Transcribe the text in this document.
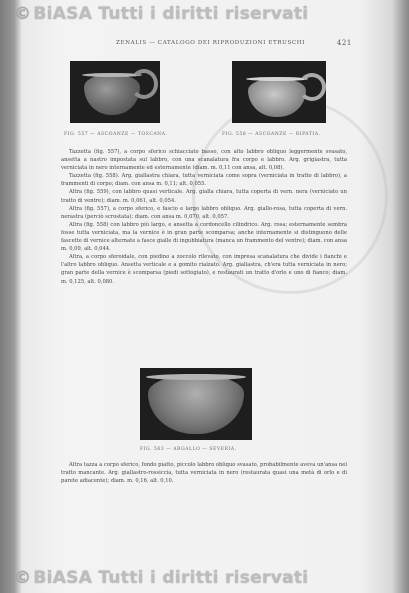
© BiASA Tutti i diritti riservati
ZENALIS — CATALOGO DEI RIPRODUZIONI ETRUSCHI	421
FIG. 557 — ASCOANZE — TOSCANA.	FIG. 558 — ASCOANZE — RIPATIA.

Tazzetta (fig. 557), a corpo sferico schiacciato basso, con alto labbro obliquo leggermente svasato, ansetta a nastro impostata sul labbro, con una scanalatura fra corpo e labbro. Arg. grigiastra, tutta verniciata in nero internamente ed esternamente (diam. m. 0,11 con ansa, alt. 0,08).

Tazzetta (fig. 558). Arg. giallastra chiara, tutta verniciata come sopra (verniciata in tratto di labbro), a frammenti di corpo; diam. con ansa m. 0,11; alt. 0,055.

Altra (fig. 559), con labbro quasi verticale. Arg. gialla chiara, tutta coperta di vern. nera (verniciato un tratto di ventre); diam. m. 0,061, alt. 0,054.

Altra (fig. 557), a corpo sferico, e fascio e largo labbro obliquo. Arg. giallo-rosa, tutta coperta di vern. nerastra (perciò scrostata); diam. con ansa m. 0,070, alt. 0,057.

Altra (fig. 558) con labbro più largo, e ansetta a cordoncello cilindrico. Arg. rosa; esternamente sembra fosse tutta verniciata, ma la vernice è in gran parte scomparsa; anche internamente si distinguono delle fascette di vernice alternate a fasce gialle di ingubbiatura (manca un frammento del ventre); diam. con ansa m. 0,09, alt. 0,044.

Altra, a corpo sferoidale, con piedino a zoccolo rilevato, con impresa scanalatura che divide i fianchi e l'altro labbro obliquo. Ansetta verticale e a gomito rialzato. Arg. giallastra, ch'era tutta verniciata in nero; gran parte della vernice è scomparsa (piedi sottogiato), e restaurati un tratto d'orlo e uno di fianco; diam. m. 0,125, alt. 0,080.

FIG. 563 — ARGALLO — SEVERIA.

Altra tazza a corpo sferico, fondo piatto, piccolo labbro obliquo svasato, probabilmente aveva un'ansa nel tratto mancante. Arg. giallastro-rossiccia, tutta verniciata in nero (restaurata quasi una metà di orlo e di parete adiacente); diam. m. 0,16, alt. 0,10.

© BiASA Tutti i diritti riservati
